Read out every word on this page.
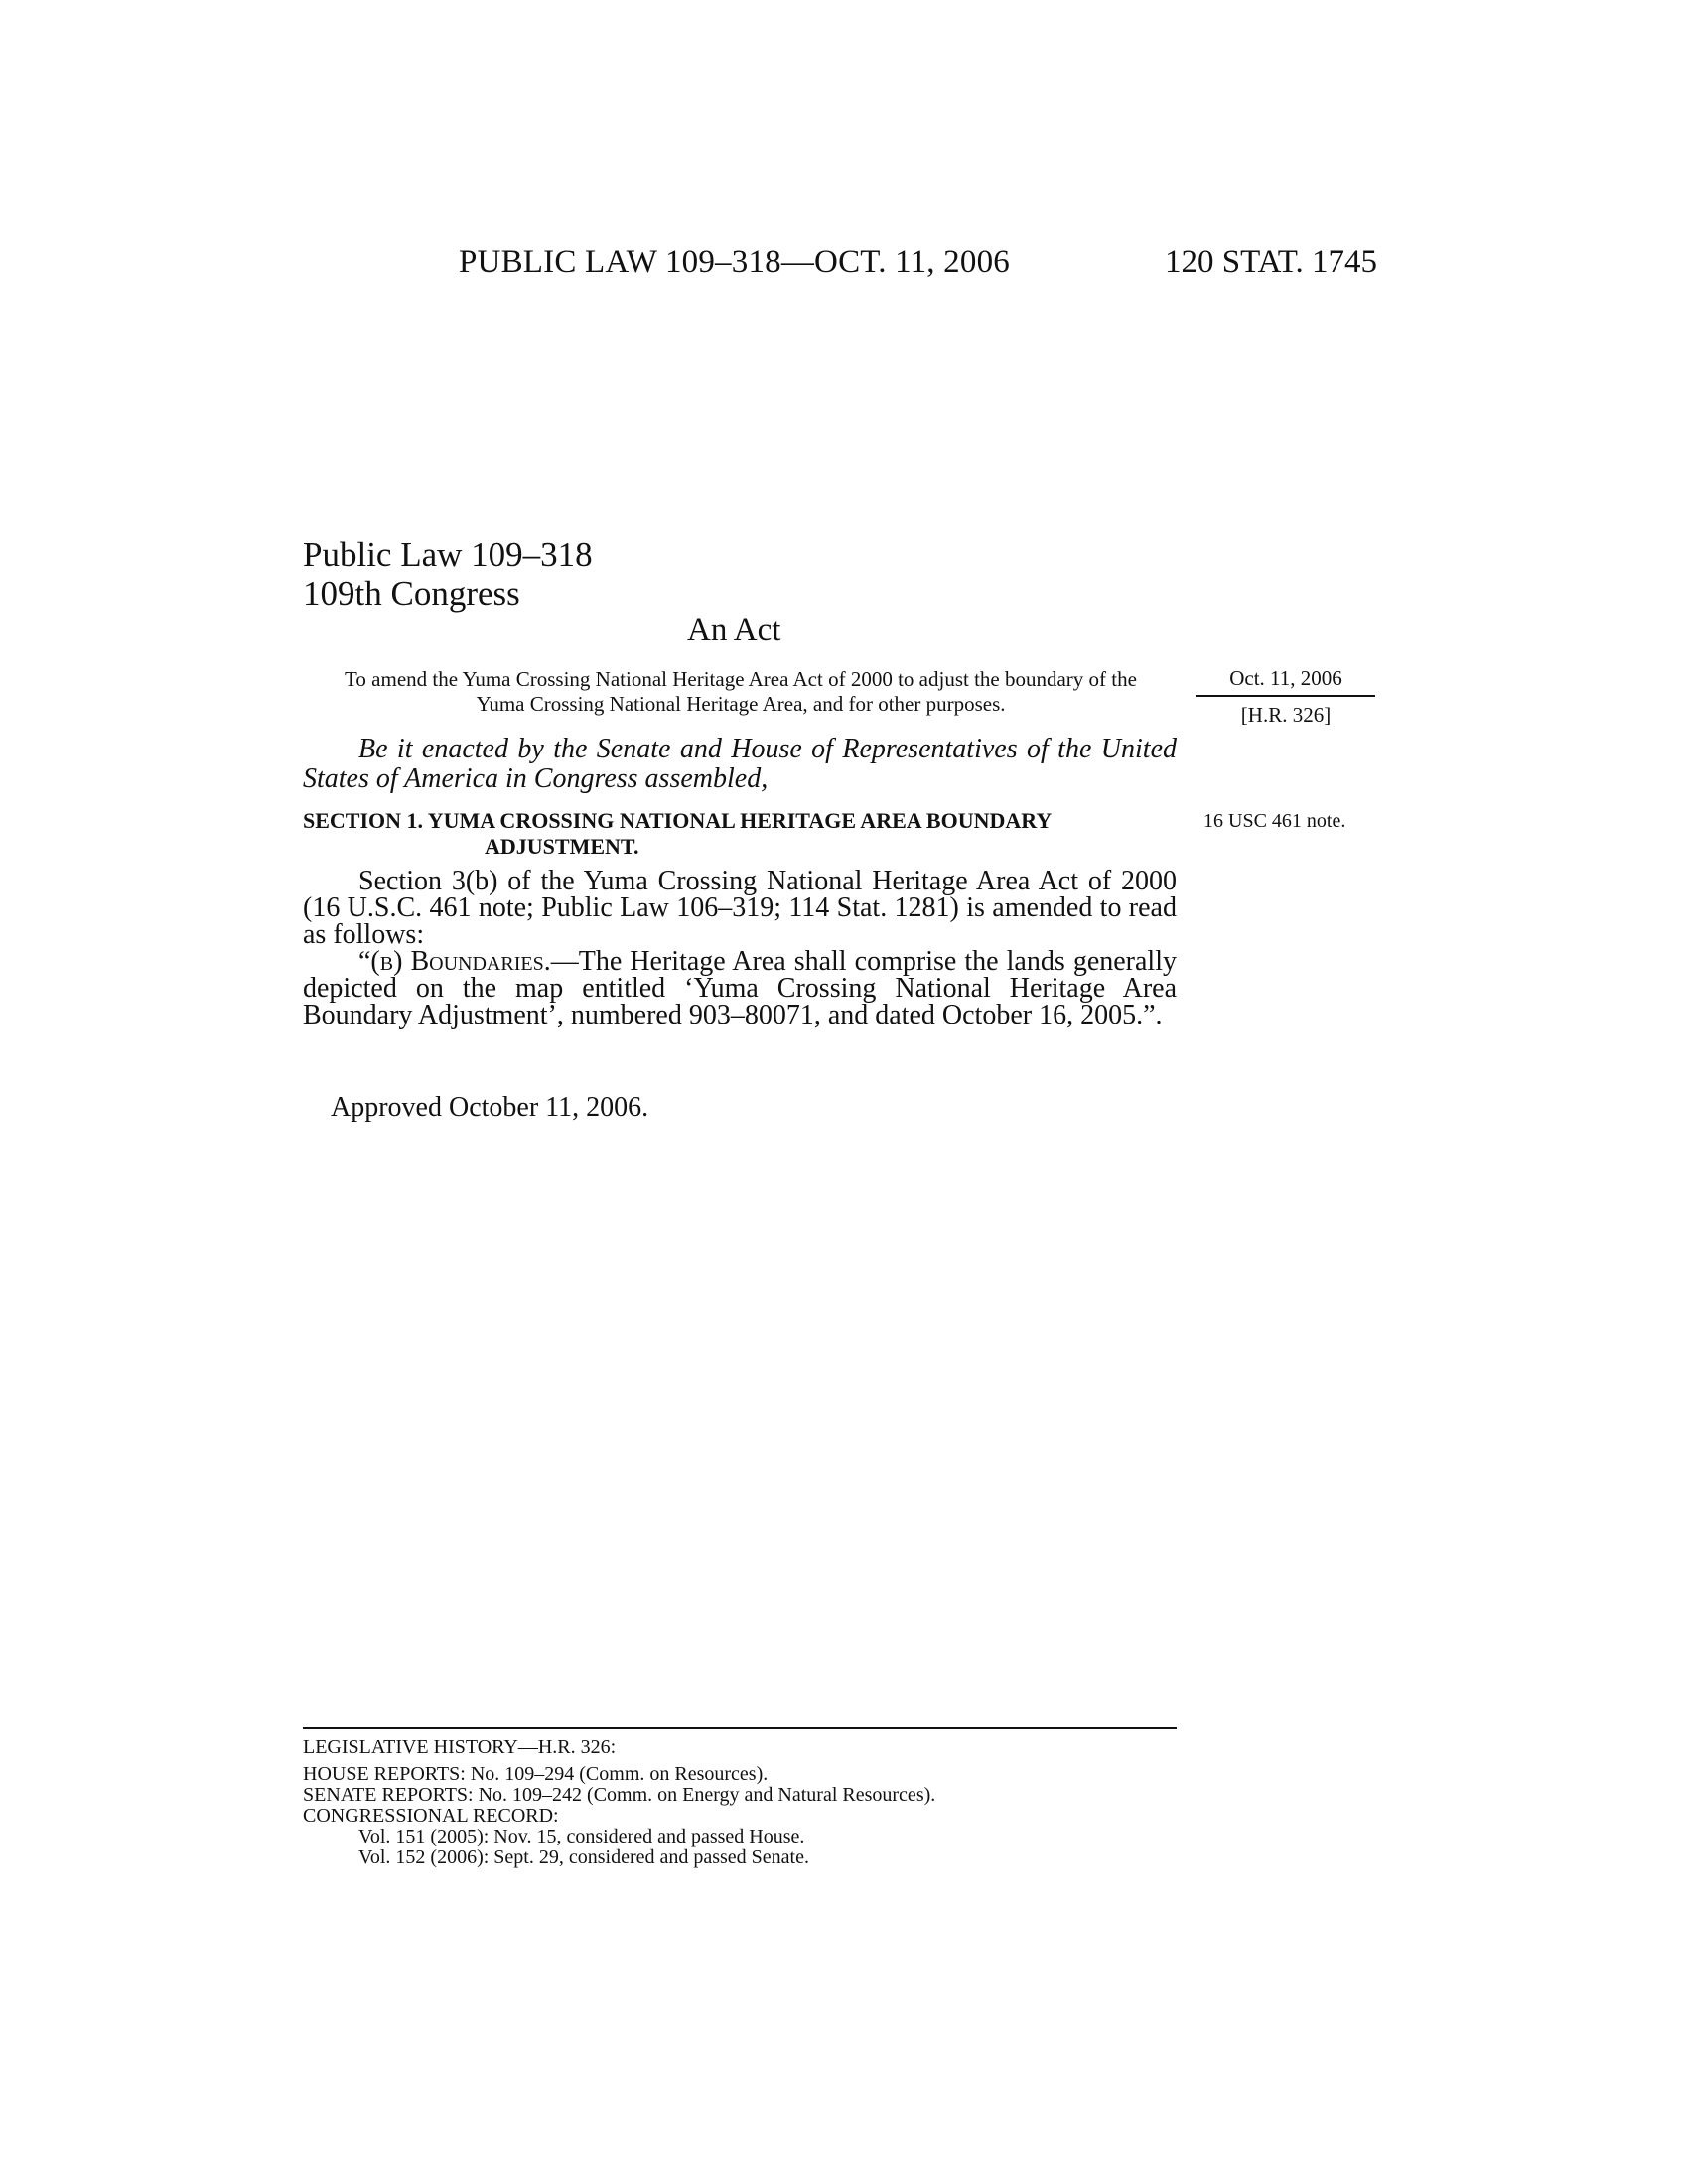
PUBLIC LAW 109–318—OCT. 11, 2006	120 STAT. 1745
Public Law 109–318
109th Congress
An Act
To amend the Yuma Crossing National Heritage Area Act of 2000 to adjust the boundary of the Yuma Crossing National Heritage Area, and for other purposes.
Oct. 11, 2006
[H.R. 326]
Be it enacted by the Senate and House of Representatives of the United States of America in Congress assembled,
SECTION 1. YUMA CROSSING NATIONAL HERITAGE AREA BOUNDARY
ADJUSTMENT.
16 USC 461 note.

Section 3(b) of the Yuma Crossing National Heritage Area Act of 2000 (16 U.S.C. 461 note; Public Law 106–319; 114 Stat. 1281) is amended to read as follows:

“(b) Boundaries.—The Heritage Area shall comprise the lands generally depicted on the map entitled ‘Yuma Crossing National Heritage Area Boundary Adjustment’, numbered 903–80071, and dated October 16, 2005.”.

Approved October 11, 2006.
LEGISLATIVE HISTORY—H.R. 326:
HOUSE REPORTS: No. 109–294 (Comm. on Resources).
SENATE REPORTS: No. 109–242 (Comm. on Energy and Natural Resources).
CONGRESSIONAL RECORD:
Vol. 151 (2005): Nov. 15, considered and passed House.
Vol. 152 (2006): Sept. 29, considered and passed Senate.
